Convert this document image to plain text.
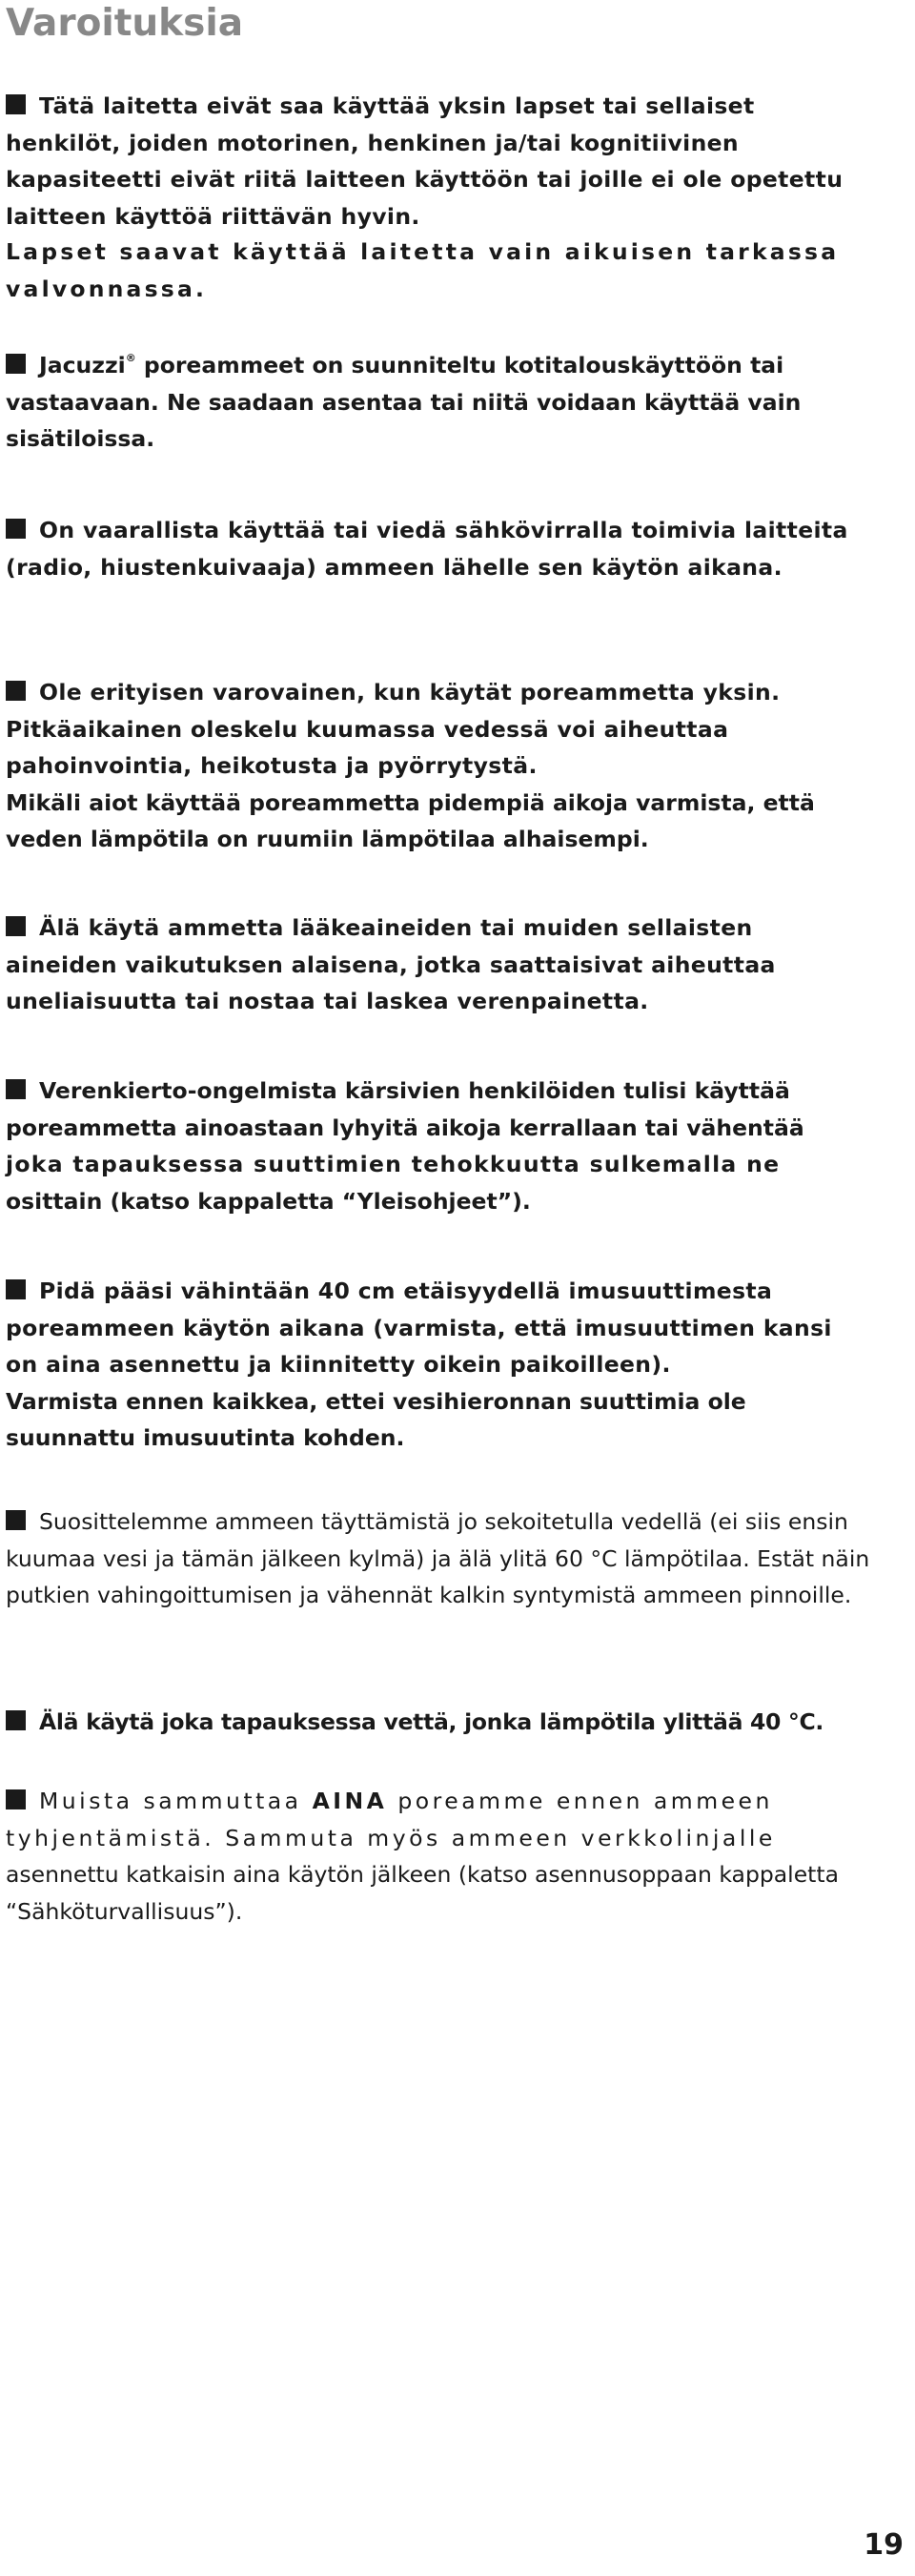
Varoituksia

Tätä laitetta eivät saa käyttää yksin lapset tai sellaiset henkilöt, joiden motorinen, henkinen ja/tai kognitiivinen kapasiteetti eivät riitä laitteen käyttöön tai joille ei ole opetettu laitteen käyttöä riittävän hyvin.

Lapset saavat käyttää laitetta vain aikuisen tarkassa valvonnassa.

Jacuzzi® poreammeet on suunniteltu kotitalouskäyttöön tai vastaavaan. Ne saadaan asentaa tai niitä voidaan käyttää vain sisätiloissa.

On vaarallista käyttää tai viedä sähkövirralla toimivia laitteita (radio, hiustenkuivaaja) ammeen lähelle sen käytön aikana.

Ole erityisen varovainen, kun käytät poreammetta yksin.

Pitkäaikainen oleskelu kuumassa vedessä voi aiheuttaa pahoinvointia, heikotusta ja pyörrytystä.

Mikäli aiot käyttää poreammetta pidempiä aikoja varmista, että veden lämpötila on ruumiin lämpötilaa alhaisempi.

Älä käytä ammetta lääkeaineiden tai muiden sellaisten aineiden vaikutuksen alaisena, jotka saattaisivat aiheuttaa uneliaisuutta tai nostaa tai laskea verenpainetta.

Verenkierto-ongelmista kärsivien henkilöiden tulisi käyttää poreammetta ainoastaan lyhyitä aikoja kerrallaan tai vähentää

joka tapauksessa suuttimien tehokkuutta sulkemalla ne

osittain (katso kappaletta “Yleisohjeet”).

Pidä pääsi vähintään 40 cm etäisyydellä imusuuttimesta poreammeen käytön aikana (varmista, että imusuuttimen kansi on aina asennettu ja kiinnitetty oikein paikoilleen).

Varmista ennen kaikkea, ettei vesihieronnan suuttimia ole suunnattu imusuutinta kohden.

Suosittelemme ammeen täyttämistä jo sekoitetulla vedellä (ei siis ensin kuumaa vesi ja tämän jälkeen kylmä) ja älä ylitä 60 °C lämpötilaa. Estät näin putkien vahingoittumisen ja vähennät kalkin syntymistä ammeen pinnoille.

Älä käytä joka tapauksessa vettä, jonka lämpötila ylittää 40 °C.

Muista sammuttaa AINA poreamme ennen ammeen tyhjentämistä. Sammuta myös ammeen verkkolinjalle

asennettu katkaisin aina käytön jälkeen (katso asennusoppaan kappaletta “Sähköturvallisuus”).

19
